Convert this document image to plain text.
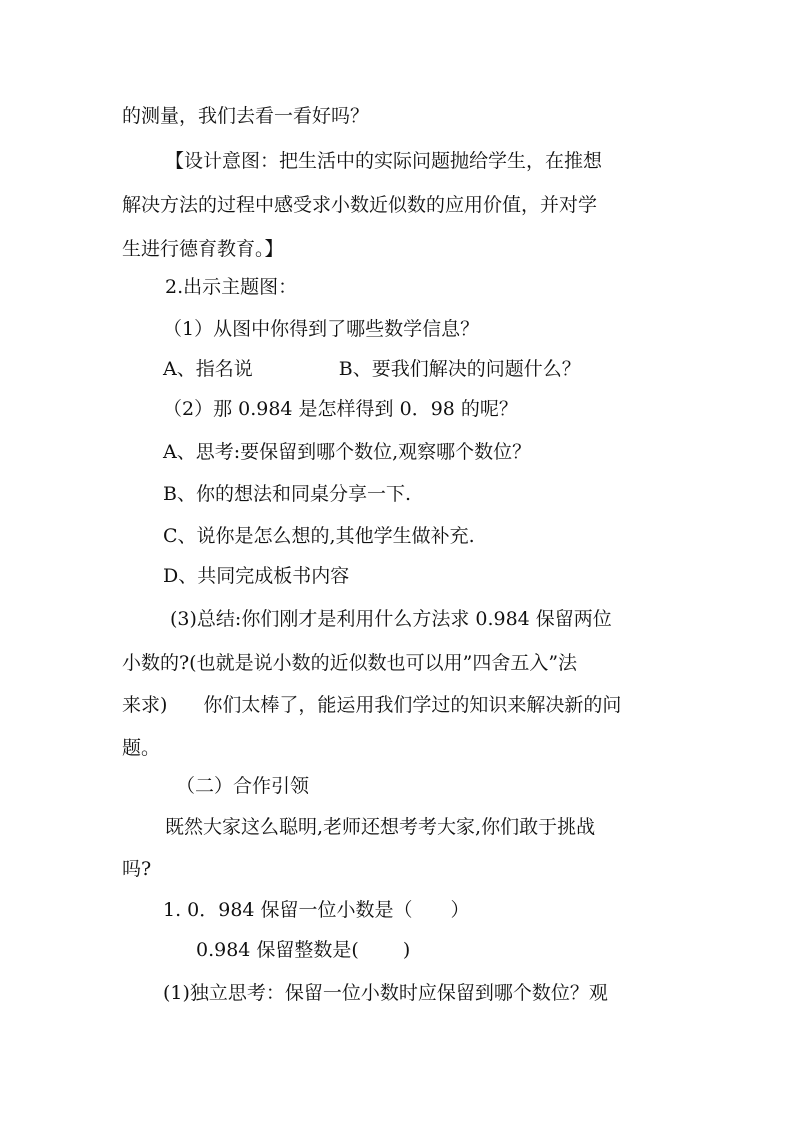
的测量，我们去看一看好吗？
【设计意图：把生活中的实际问题抛给学生，在推想
解决方法的过程中感受求小数近似数的应用价值，并对学
生进行德育教育。】
2.出示主题图：
（1）从图中你得到了哪些数学信息？
A、指名说	B、要我们解决的问题什么？
（2）那 0.984 是怎样得到 0．98 的呢？
A、思考:要保留到哪个数位,观察哪个数位？
B、你的想法和同桌分享一下.
C、说你是怎么想的,其他学生做补充.
D、共同完成板书内容
(3)总结:你们刚才是利用什么方法求 0.984 保留两位
小数的?(也就是说小数的近似数也可以用”四舍五入”法
来求) 你们太棒了，能运用我们学过的知识来解决新的问
题。
（二）合作引领
既然大家这么聪明,老师还想考考大家,你们敢于挑战
吗?
1. 0．984 保留一位小数是（　　）
0.984 保留整数是(　　 )
(1)独立思考：保留一位小数时应保留到哪个数位？观
